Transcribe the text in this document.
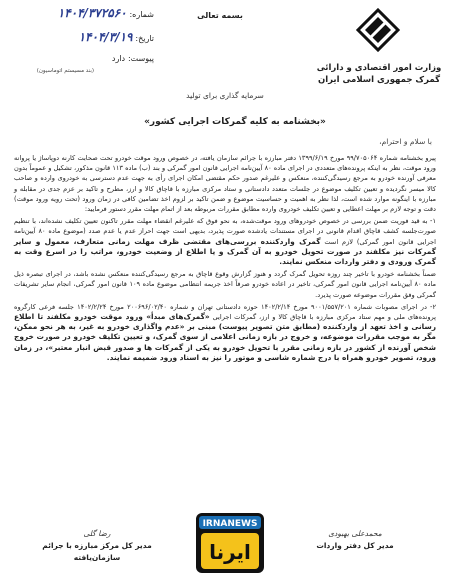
وزارت امور اقتصادی و دارائی
گمرک جمهوری اسلامی ایران
بسمه تعالی
سرمایه گذاری برای تولید
شماره: ۱۴۰۴/۳۷۲۵۶۰
تاریخ: ۱۴۰۴/۳/۱۹
پیوست: دارد
(بند مسیستم اتوماسیون)
«بخشنامه به کلیه گمرکات اجرایی کشور»
با سلام و احترام،

پیرو بخشنامه شماره ۹۹/۷۰۵۰۶۴ مورخ ۱۳۹۹/۶/۱۹ دفتر مبارزه با جرائم سازمان یافته، در خصوص ورود موقت خودرو تحت صحابت کارنه دوپاساژ یا پروانه ورود موقت، نظر به اینکه پرونده‌های متعددی در اجرای ماده ۸۰ آیین‌نامه اجرایی قانون امور گمرکی و بند (ب) ماده ۱۱۳ قانون مذکور، تشکیل و عموماً بدون معرفی آورنده خودرو به مرجع رسیدگی‌کننده، منعکس و علیرغم صدور حکم مقتضی امکان اجرای رأی به جهت عدم دسترسی به خودروی وارده و صاحب کالا میسر نگردیده و تعیین تکلیف موضوع در جلسات متعدد دادستانی و ستاد مرکزی مبارزه با قاچاق کالا و ارز، مطرح و تاکید بر عزم جدی در مقابله و مبارزه با اینگونه موارد شده است، لذا نظر به اهمیت و حساسیت موضوع و ضمن تاکید بر لزوم اخذ تضامین کافی در زمان ورود (تحت رویه ورود موقت) دقت و توجه لازم بر مهلت اعطایی و تعیین تکلیف خودروی وارده مطابق مقررات مربوطه بعد از اتمام مهلت مقرر دستور فرمایید:

۱- به قید فوریت ضمن بررسی در خصوص خودروهای ورود موقت‌شده، به نحو فوق که علیرغم انقضاء مهلت مقرر تاکنون تعیین تکلیف نشده‌اند، با تنظیم صورت‌جلسه کشف قاچاق اقدام قانونی در اجرای مستندات یادشده صورت پذیرد، بدیهی است جهت احراز عدم یا عدم صدد (موضوع ماده ۸۰ آیین‌نامه اجرایی قانون امور گمرکی) لازم است گمرک واردکننده بررسی‌های مقتضی ظرف مهلت زمانی متعارف، معمول و سایر گمرکات نیز مکلفند در صورت تحویل خودرو به آن گمرک و یا اطلاع از وضعیت خودرو، مراتب را در اسرع وقت به گمرک ورودی و دفتر واردات منعکس نمایند.

ضمناً بخشنامه خودرو با تاخیر چند روزه تحویل گمرک گردد و هنوز گزارش وقوع قاچاق به مرجع رسیدگی‌کننده منعکس نشده باشد، در اجرای تبصره ذیل ماده ۸۰ آیین‌نامه اجرایی قانون امور گمرکی، تاخیر در اعاده خودرو صرفاً اخذ جریمه انتظامی موضوع ماده ۱۰۹ قانون امور گمرکی، انجام سایر تشریفات گمرکی وفق مقررات موضوعه صورت پذیرد.

۲- در اجرای مصوبات شماره ۹۰۰۱/۵۵۷/۲۰۱ مورخ ۱۴۰۲/۲/۱۴ حوزه دادستانی تهران و شماره ۲۰۰۶۹۶/۰۲/۴۰ مورخ ۱۴۰۲/۲/۲۴ جلسه فرعی کارگروه پرونده‌های ملی و مهم ستاد مرکزی مبارزه با قاچاق کالا و ارز، گمرکات اجرایی «گمرک‌های مبدأ» ورود موقت خودرو مکلفند تا اطلاع رسانی و اخذ تعهد از واردکننده (مطابق متن تصویر پیوست) مبنی بر «عدم واگذاری خودرو به غیر، به هر نحو ممکن، مگر به موجب مقررات موضوعه، و خروج در بازه زمانی اعلامی از سوی گمرک، و تعیین تکلیف خودرو در صورت خروج شخص آورنده از کشور در بازه زمانی مقرر با تحویل خودرو به یکی از گمرکات ها و صدور قبض انبار معتبر»، در زمان ورود، تصویر خودرو همراه با درج شماره شاسی و موتور را نیز به اسناد ورود ضمیمه نمایند.

محمدعلی بهبودی
مدیر کل دفتر واردات
رضا گلی
مدیر کل مرکز مبارزه با جرائم سازمان‌یافته
IRNANEWS
ایرنا
